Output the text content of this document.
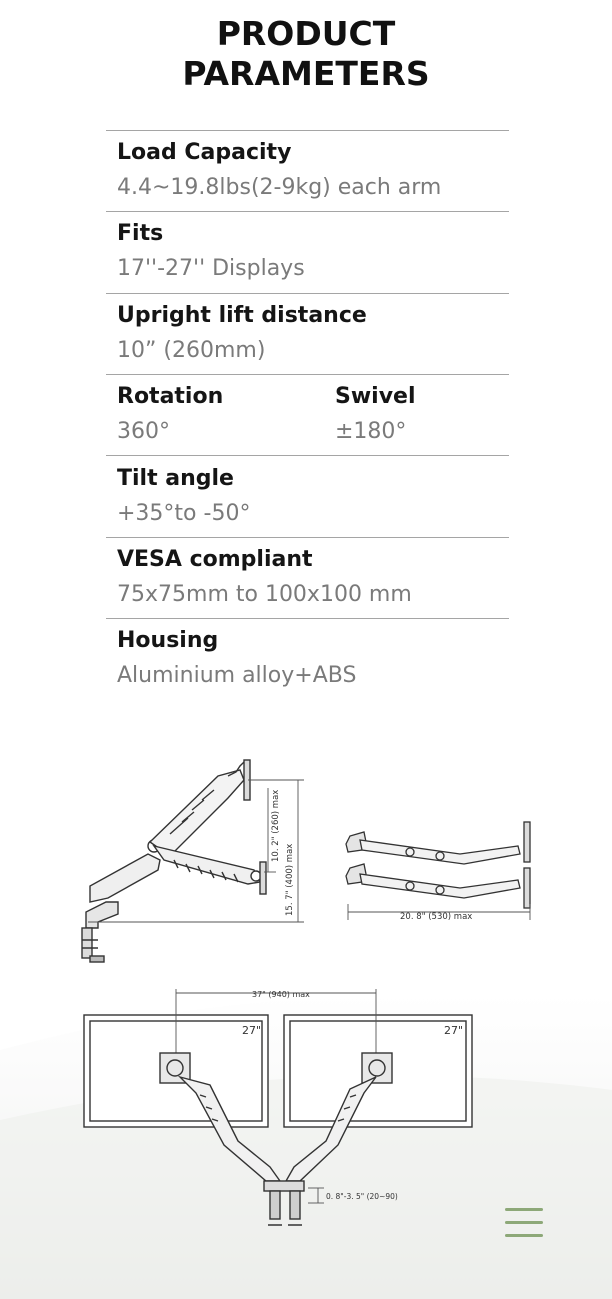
PRODUCT
PARAMETERS
Load Capacity
4.4~19.8lbs(2-9kg) each arm
Fits
17''-27'' Displays
Upright lift distance
10” (260mm)
Rotation
360°
Swivel
±180°
Tilt angle
+35°to -50°
VESA compliant
75x75mm to 100x100 mm
Housing
Aluminium alloy+ABS
10. 2" (260) max
15. 7" (400) max
20. 8" (530) max
37" (940) max
27"	27"
0. 8"-3. 5" (20~90)
